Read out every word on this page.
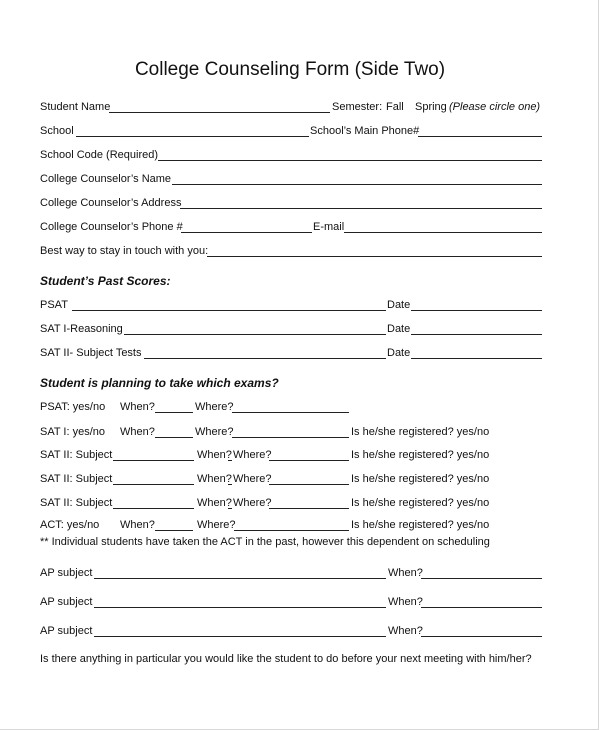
College Counseling Form (Side Two)
Student Name	Semester: Fall Spring (Please circle one)
School	School’s Main Phone#
School Code (Required)
College Counselor’s Name
College Counselor’s Address
College Counselor’s Phone #	E-mail
Best way to stay in touch with you:
Student’s Past Scores:
PSAT	Date
SAT I-Reasoning	Date
SAT II- Subject Tests	Date
Student is planning to take which exams?
PSAT: yes/no When?	Where?
SAT I: yes/no When?	Where?	Is he/she registered? yes/no
SAT II: Subject	When? Where?	Is he/she registered? yes/no
SAT II: Subject	When? Where?	Is he/she registered? yes/no
SAT II: Subject	When? Where?	Is he/she registered? yes/no
ACT: yes/no When?	Where?	Is he/she registered? yes/no
** Individual students have taken the ACT in the past, however this dependent on scheduling
AP subject	When?
AP subject	When?
AP subject	When?
Is there anything in particular you would like the student to do before your next meeting with him/her?
